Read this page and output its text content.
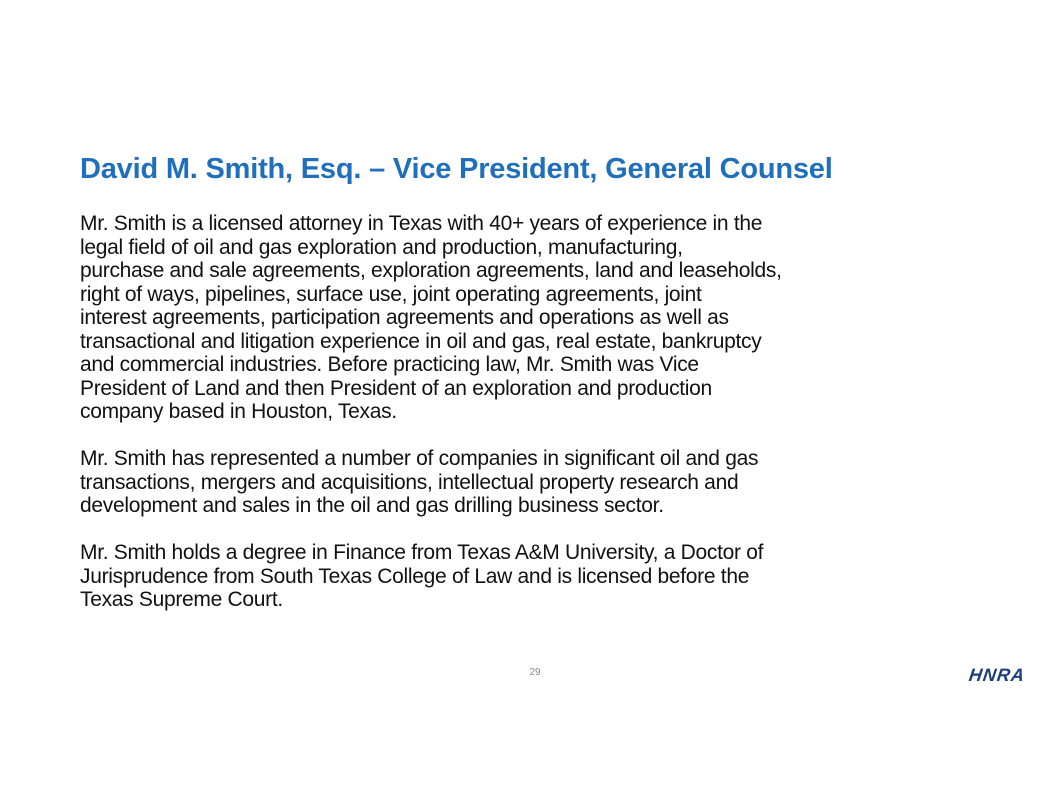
David M. Smith, Esq. – Vice President, General Counsel

Mr. Smith is a licensed attorney in Texas with 40+ years of experience in the
legal field of oil and gas exploration and production, manufacturing,
purchase and sale agreements, exploration agreements, land and leaseholds,
right of ways, pipelines, surface use, joint operating agreements, joint
interest agreements, participation agreements and operations as well as
transactional and litigation experience in oil and gas, real estate, bankruptcy
and commercial industries. Before practicing law, Mr. Smith was Vice
President of Land and then President of an exploration and production
company based in Houston, Texas.

Mr. Smith has represented a number of companies in significant oil and gas
transactions, mergers and acquisitions, intellectual property research and
development and sales in the oil and gas drilling business sector.

Mr. Smith holds a degree in Finance from Texas A&M University, a Doctor of
Jurisprudence from South Texas College of Law and is licensed before the
Texas Supreme Court.

29	HNRA
